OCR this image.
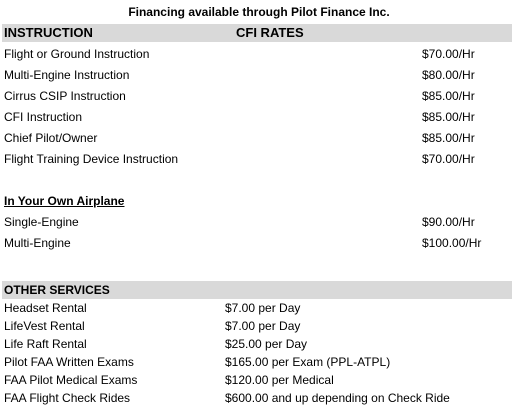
Financing available through Pilot Finance Inc.
INSTRUCTION	CFI RATES
Flight or Ground Instruction	$70.00/Hr
Multi-Engine Instruction	$80.00/Hr
Cirrus CSIP Instruction	$85.00/Hr
CFI Instruction	$85.00/Hr
Chief Pilot/Owner	$85.00/Hr
Flight Training Device Instruction	$70.00/Hr
In Your Own Airplane
Single-Engine	$90.00/Hr
Multi-Engine	$100.00/Hr
OTHER SERVICES
Headset Rental	$7.00 per Day
LifeVest Rental	$7.00 per Day
Life Raft Rental	$25.00 per Day
Pilot FAA Written Exams	$165.00 per Exam (PPL-ATPL)
FAA Pilot Medical Exams	$120.00 per Medical
FAA Flight Check Rides	$600.00 and up depending on Check Ride
